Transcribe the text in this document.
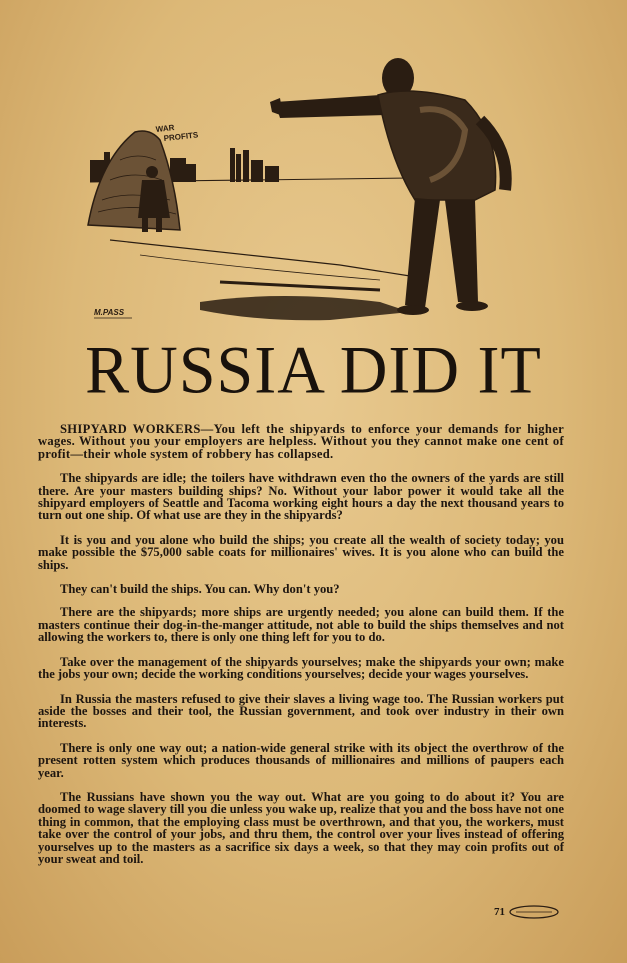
WAR
PROFITS
M.PASS
RUSSIA DID IT

SHIPYARD WORKERS—You left the shipyards to enforce your demands for higher wages. Without you your employers are helpless. Without you they cannot make one cent of profit—their whole system of robbery has collapsed.

The shipyards are idle; the toilers have withdrawn even tho the owners of the yards are still there. Are your masters building ships? No. Without your labor power it would take all the shipyard employers of Seattle and Tacoma working eight hours a day the next thousand years to turn out one ship. Of what use are they in the shipyards?

It is you and you alone who build the ships; you create all the wealth of society today; you make possible the $75,000 sable coats for millionaires' wives. It is you alone who can build the ships.

They can't build the ships. You can. Why don't you?

There are the shipyards; more ships are urgently needed; you alone can build them. If the masters continue their dog-in-the-manger attitude, not able to build the ships themselves and not allowing the workers to, there is only one thing left for you to do.

Take over the management of the shipyards yourselves; make the shipyards your own; make the jobs your own; decide the working conditions yourselves; decide your wages yourselves.

In Russia the masters refused to give their slaves a living wage too. The Russian workers put aside the bosses and their tool, the Russian government, and took over industry in their own interests.

There is only one way out; a nation-wide general strike with its object the overthrow of the present rotten system which produces thousands of millionaires and millions of paupers each year.

The Russians have shown you the way out. What are you going to do about it? You are doomed to wage slavery till you die unless you wake up, realize that you and the boss have not one thing in common, that the employing class must be overthrown, and that you, the workers, must take over the control of your jobs, and thru them, the control over your lives instead of offering yourselves up to the masters as a sacrifice six days a week, so that they may coin profits out of your sweat and toil.

71
